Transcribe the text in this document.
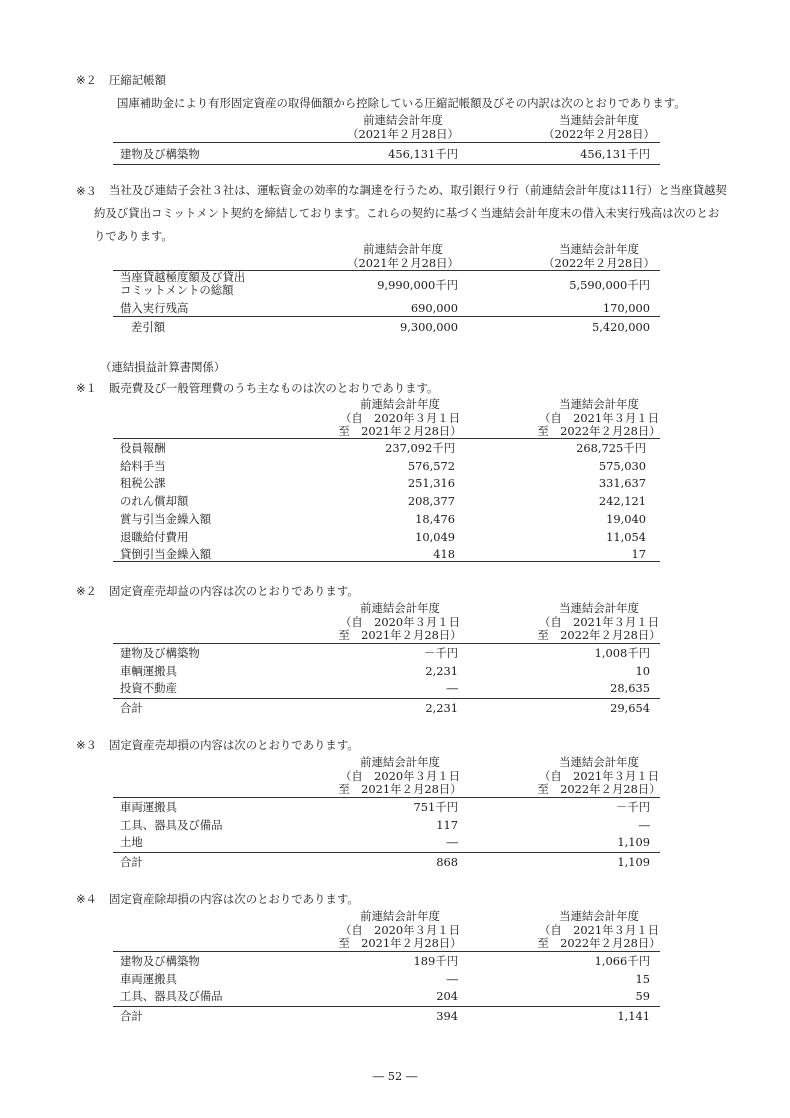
※２ 圧縮記帳額
国庫補助金により有形固定資産の取得価額から控除している圧縮記帳額及びその内訳は次のとおりであります。
前連結会計年度
（2021年２月28日）
当連結会計年度
（2022年２月28日）
建物及び構築物	456,131千円	456,131千円
※３	当社及び連結子会社３社は、運転資金の効率的な調達を行うため、取引銀行９行（前連結会計年度は11行）と当座貸越契約及び貸出コミットメント契約を締結しております。これらの契約に基づく当連結会計年度末の借入未実行残高は次のとおりであります。
前連結会計年度
（2021年２月28日）
当連結会計年度
（2022年２月28日）
当座貸越極度額及び貸出
コミットメントの総額	9,990,000千円	5,590,000千円
借入実行残高	690,000	170,000
差引額	9,300,000	5,420,000
（連結損益計算書関係）
※１ 販売費及び一般管理費のうち主なものは次のとおりであります。
前連結会計年度
（自　2020年３月１日
至　2021年２月28日）
当連結会計年度
（自　2021年３月１日
至　2022年２月28日）
役員報酬	237,092千円	268,725千円
給料手当	576,572	575,030
租税公課	251,316	331,637
のれん償却額	208,377	242,121
賞与引当金繰入額	18,476	19,040
退職給付費用	10,049	11,054
貸倒引当金繰入額	418	17
※２ 固定資産売却益の内容は次のとおりであります。
前連結会計年度
（自　2020年３月１日
至　2021年２月28日）
当連結会計年度
（自　2021年３月１日
至　2022年２月28日）
建物及び構築物	－千円	1,008千円
車輌運搬具	2,231	10
投資不動産	―	28,635
合計	2,231	29,654
※３ 固定資産売却損の内容は次のとおりであります。
前連結会計年度
（自　2020年３月１日
至　2021年２月28日）
当連結会計年度
（自　2021年３月１日
至　2022年２月28日）
車両運搬具	751千円	－千円
工具、器具及び備品	117	―
土地	―	1,109
合計	868	1,109
※４ 固定資産除却損の内容は次のとおりであります。
前連結会計年度
（自　2020年３月１日
至　2021年２月28日）
当連結会計年度
（自　2021年３月１日
至　2022年２月28日）
建物及び構築物	189千円	1,066千円
車両運搬具	―	15
工具、器具及び備品	204	59
合計	394	1,141
― 52 ―
